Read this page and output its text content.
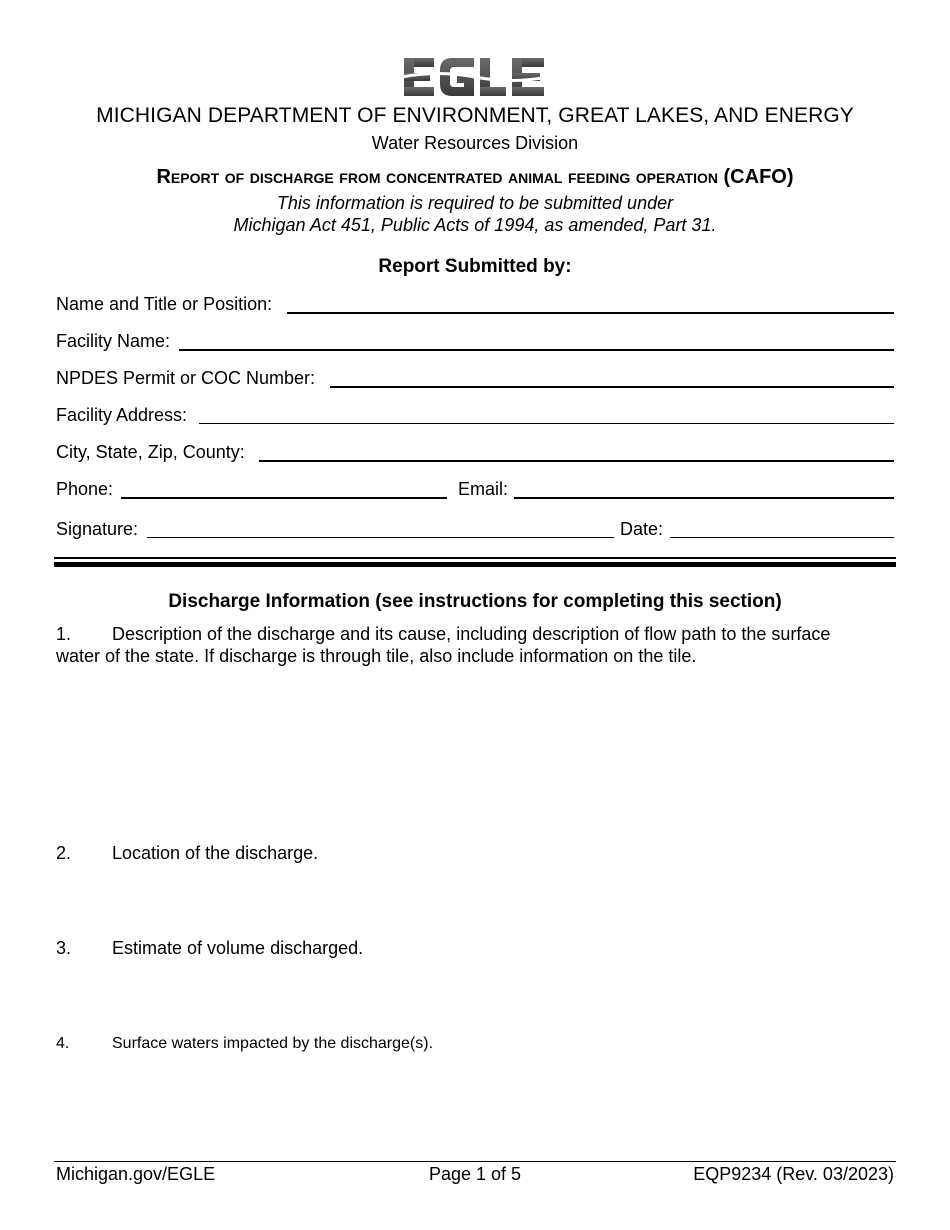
MICHIGAN DEPARTMENT OF ENVIRONMENT, GREAT LAKES, AND ENERGY
Water Resources Division
Report of discharge from concentrated animal feeding operation (CAFO)
This information is required to be submitted under
Michigan Act 451, Public Acts of 1994, as amended, Part 31.
Report Submitted by:
Name and Title or Position:
Facility Name:
NPDES Permit or COC Number:
Facility Address:
City, State, Zip, County:
Phone:	Email:
Signature:	Date:
Discharge Information (see instructions for completing this section)
1. Description of the discharge and its cause, including description of flow path to the surface
water of the state. If discharge is through tile, also include information on the tile.
2. Location of the discharge.
3. Estimate of volume discharged.
4.	Surface waters impacted by the discharge(s).
Michigan.gov/EGLE	Page 1 of 5	EQP9234 (Rev. 03/2023)
